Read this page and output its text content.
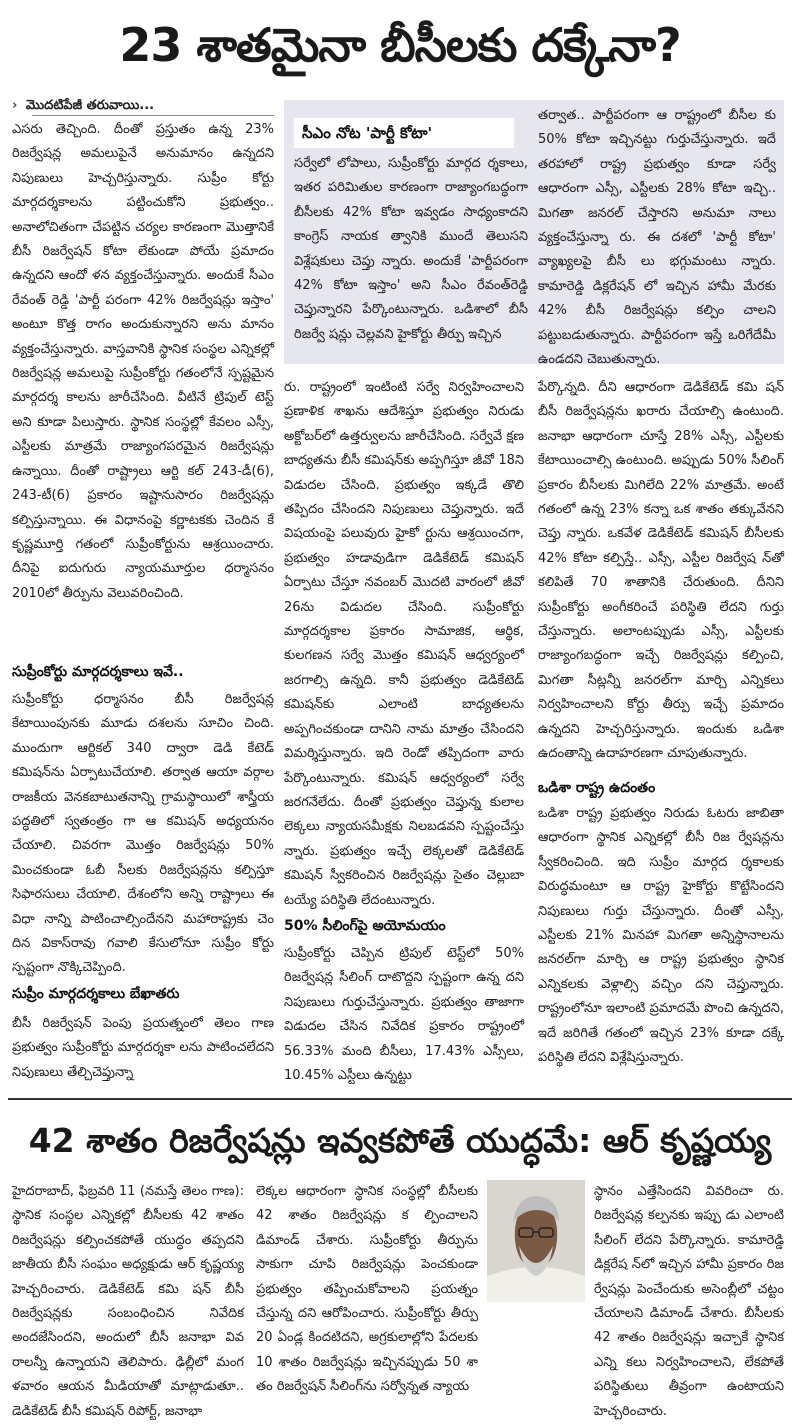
23 శాతమైనా బీసీలకు దక్కేనా?
› మొదటిపేజీ తరువాయి...
ఎసరు తెచ్చింది. దీంతో ప్రస్తుతం ఉన్న 23% రిజర్వేషన్ల అమలుపైనే అనుమానం ఉన్నదని నిపుణులు హెచ్చరిస్తున్నారు. సుప్రీం కోర్టు మార్గదర్శకాలను పట్టించుకోని ప్రభుత్వం.. అనాలోచితంగా చేపట్టిన చర్యల కారణంగా మొత్తానికే బీసీ రిజర్వేషన్ కోటా లేకుండా పోయే ప్రమాదం ఉన్నదని ఆందో ళన వ్యక్తంచేస్తున్నారు. అందుకే సీఎం రేవంత్ రెడ్డి 'పార్టీ పరంగా 42% రిజర్వేషన్లు ఇస్తాం' అంటూ కొత్త రాగం అందుకున్నారని అను మానం వ్యక్తంచేస్తున్నారు. వాస్తవానికి స్థానిక సంస్థల ఎన్నికల్లో రిజర్వేషన్ల అమలుపై సుప్రీంకోర్టు గతంలోనే స్పష్టమైన మార్గదర్శ కాలను జారీచేసింది. వీటినే ట్రిపుల్ టెస్ట్ అని కూడా పిలుస్తారు. స్థానిక సంస్థల్లో కేవలం ఎస్సీ, ఎస్టీలకు మాత్రమే రాజ్యాంగపరమైన రిజర్వేషన్లు ఉన్నాయి. దీంతో రాష్ట్రాలు ఆర్టి కల్ 243-డీ(6), 243-టీ(6) ప్రకారం ఇష్టానుసారం రిజర్వేషన్లు కల్పిస్తున్నాయి. ఈ విధానంపై కర్ణాటకకు చెందిన కే కృష్ణమూర్తి గతంలో సుప్రీంకోర్టును ఆశ్రయించారు. దీనిపై ఐదుగురు న్యాయమూర్తుల ధర్మాసనం 2010లో తీర్పును వెలువరించింది.
సుప్రీంకోర్టు మార్గదర్శకాలు ఇవే..
సుప్రీంకోర్టు ధర్మాసనం బీసీ రిజర్వేషన్ల కేటాయింపునకు మూడు దశలను సూచిం చింది. ముందుగా ఆర్టికల్ 340 ద్వారా డెడి కేటెడ్ కమిషన్‌ను ఏర్పాటుచేయాలి. తర్వాత ఆయా వర్గాల రాజకీయ వెనకబాటుతనాన్ని గ్రామస్థాయిలో శాస్త్రీయ పద్ధతిలో స్వతంత్రం గా ఆ కమిషన్ అధ్యయనం చేయాలి. చివరగా మొత్తం రిజర్వేషన్లు 50% మించకుండా ఓబీ సీలకు రిజర్వేషన్లను కల్పిస్తూ సిఫారసులు చేయాలి. దేశంలోని అన్ని రాష్ట్రాలు ఈ విధా నాన్ని పాటించాల్సిందేనని మహారాష్ట్రకు చెం దిన వికాస్‌రావు గవాలి కేసులోనూ సుప్రీం కోర్టు స్పష్టంగా నొక్కిచెప్పింది.
సుప్రీం మార్గదర్శకాలు బేఖాతరు
బీసీ రిజర్వేషన్ పెంపు ప్రయత్నంలో తెలం గాణ ప్రభుత్వం సుప్రీంకోర్టు మార్గదర్శకా లను పాటించలేదని నిపుణులు తేల్చిచెప్తున్నా
సీఎం నోట 'పార్టీ కోటా'
సర్వేలో లోపాలు, సుప్రీంకోర్టు మార్గద ర్శకాలు, ఇతర పరిమితుల కారణంగా రాజ్యాంగబద్ధంగా బీసీలకు 42% కోటా ఇవ్వడం సాధ్యంకాదని కాంగ్రెస్ నాయక త్వానికి ముందే తెలుసని విశ్లేషకులు చెప్తు న్నారు. అందుకే 'పార్టీపరంగా 42% కోటా ఇస్తాం' అని సీఎం రేవంత్‌రెడ్డి చెప్తున్నారని పేర్కొంటున్నారు. ఒడిశాలో బీసీ రిజర్వే షన్లు చెల్లవని హైకోర్టు తీర్పు ఇచ్చిన
తర్వాత.. పార్టీపరంగా ఆ రాష్ట్రంలో బీసీల కు 50% కోటా ఇచ్చినట్టు గుర్తుచేస్తున్నారు. ఇదే తరహాలో రాష్ట్ర ప్రభుత్వం కూడా సర్వే ఆధారంగా ఎస్సీ, ఎస్టీలకు 28% కోటా ఇచ్చి.. మిగతా జనరల్ చేస్తారని అనుమా నాలు వ్యక్తంచేస్తున్నా రు. ఈ దశలో 'పార్టీ కోటా' వ్యాఖ్యలపై బీసీ లు భగ్గుమంటు న్నారు. కామారెడ్డి డిక్లరేషన్‌ లో ఇచ్చిన హామీ మేరకు 42% బీసీ రిజర్వేషన్లు కల్పిం చాలని పట్టుబడుతున్నారు. పార్టీపరంగా ఇస్తే ఒరిగేదేమీ ఉండదని చెబుతున్నారు.
రు. రాష్ట్రంలో ఇంటింటి సర్వే నిర్వహించాలని ప్రణాళిక శాఖను ఆదేశిస్తూ ప్రభుత్వం నిరుడు అక్టోబర్‌లో ఉత్తర్వులను జారీచేసింది. సర్వేవే క్షణ బాధ్యతను బీసీ కమిషన్‌కు అప్పగిస్తూ జీవో 18ని విడుదల చేసింది. ప్రభుత్వం ఇక్కడే తొలి తప్పిదం చేసిందని నిపుణులు చెప్తున్నారు. ఇదే విషయంపై పలువురు హైకో ర్టును ఆశ్రయించగా, ప్రభుత్వం హడావుడిగా డెడికేటెడ్ కమిషన్ ఏర్పాటు చేస్తూ నవంబర్ మొదటి వారంలో జీవో 26ను విడుదల చేసింది. సుప్రీంకోర్టు మార్గదర్శకాల ప్రకారం సామాజిక, ఆర్థిక, కులగణన సర్వే మొత్తం కమిషన్ ఆధ్వర్యంలో జరగాల్సి ఉన్నది. కానీ ప్రభుత్వం డెడికేటెడ్ కమిషన్‌కు ఎలాంటి బాధ్యతలను అప్పగించకుండా దానిని నామ మాత్రం చేసిందని విమర్శిస్తున్నారు. ఇది రెండో తప్పిదంగా వారు పేర్కొంటున్నారు. కమిషన్ ఆధ్వర్యంలో సర్వే జరగనేలేదు. దీంతో ప్రభుత్వం చెప్తున్న కులాల లెక్కలు న్యాయసమీక్షకు నిలబడవని స్పష్టంచేస్తు న్నారు. ప్రభుత్వం ఇచ్చే లెక్కలతో డెడికేటెడ్ కమిషన్ స్వీకరించిన రిజర్వేషన్లు సైతం చెల్లుబా టయ్యే పరిస్థితి లేదంటున్నారు.
50% సీలింగ్‌పై అయోమయం
సుప్రీంకోర్టు చెప్పిన ట్రిపుల్ టెస్ట్‌లో 50% రిజర్వేషన్ల సీలింగ్ దాటొద్దని స్పష్టంగా ఉన్న దని నిపుణులు గుర్తుచేస్తున్నారు. ప్రభుత్వం తాజాగా విడుదల చేసిన నివేదిక ప్రకారం రాష్ట్రంలో 56.33% మంది బీసీలు, 17.43% ఎస్సీలు, 10.45% ఎస్టీలు ఉన్నట్టు
పేర్కొన్నది. దీని ఆధారంగా డెడికేటెడ్ కమి షన్ బీసీ రిజర్వేషన్లను ఖరారు చేయాల్సి ఉంటుంది. జనాభా ఆధారంగా చూస్తే 28% ఎస్సీ, ఎస్టీలకు కేటాయించాల్సి ఉంటుంది. అప్పుడు 50% సీలింగ్ ప్రకారం బీసీలకు మిగిలేది 22% మాత్రమే. అంటే గతంలో ఉన్న 23% కన్నా ఒక శాతం తక్కువేనని చెప్తు న్నారు. ఒకవేళ డెడికేటెడ్ కమిషన్ బీసీలకు 42% కోటా కల్పిస్తే.. ఎస్సీ, ఎస్టీల రిజర్వేష న్‌తో కలిపితే 70 శాతానికి చేరుతుంది. దీనిని సుప్రీంకోర్టు అంగీకరించే పరిస్థితి లేదని గుర్తు చేస్తున్నారు. అలాంటప్పుడు ఎస్సీ, ఎస్టీలకు రాజ్యాంగబద్ధంగా ఇచ్చే రిజర్వేషన్లు కల్పించి, మిగతా సీట్లన్నీ జనరల్‌గా మార్చి ఎన్నికలు నిర్వహించాలని కోర్టు తీర్పు ఇచ్చే ప్రమాదం ఉన్నదని హెచ్చరిస్తున్నారు. ఇందుకు ఒడిశా ఉదంతాన్ని ఉదాహరణగా చూపుతున్నారు.
ఒడిశా రాష్ట్ర ఉదంతం
ఒడిశా రాష్ట్ర ప్రభుత్వం నిరుడు ఓటరు జాబితా ఆధారంగా స్థానిక ఎన్నికల్లో బీసీ రిజ ర్వేషన్లను స్వీకరించింది. ఇది సుప్రీం మార్గద ర్శకాలకు విరుద్ధమంటూ ఆ రాష్ట్ర హైకోర్టు కొట్టేసిందని నిపుణులు గుర్తు చేస్తున్నారు. దీంతో ఎస్సీ, ఎస్టీలకు 21% మినహా మిగతా అన్నిస్థానాలను జనరల్‌గా మార్చి ఆ రాష్ట్ర ప్రభుత్వం స్థానిక ఎన్నికలకు వెళ్లాల్సి వచ్చిం దని చెప్తున్నారు. రాష్ట్రంలోనూ ఇలాంటి ప్రమాదమే పొంచి ఉన్నదని, ఇదే జరిగితే గతంలో ఇచ్చిన 23% కూడా దక్కే పరిస్థితి లేదని విశ్లేషిస్తున్నారు.
42 శాతం రిజర్వేషన్లు ఇవ్వకపోతే యుద్ధమే: ఆర్ కృష్ణయ్య
హైదరాబాద్, ఫిబ్రవరి 11 (నమస్తే తెలం గాణ): స్థానిక సంస్థల ఎన్నికల్లో బీసీలకు 42 శాతం రిజర్వేషన్లు కల్పించకపోతే యుద్ధం తప్పదని జాతీయ బీసీ సంఘం అధ్యక్షుడు ఆర్ కృష్ణయ్య హెచ్చరించారు. డెడికేటెడ్ కమి షన్ బీసీ రిజర్వేషన్లకు సంబంధించిన నివేదిక అందజేసిందని, అందులో బీసీ జనాభా వివ రాలన్నీ ఉన్నాయని తెలిపారు. ఢిల్లీలో మంగ ళవారం ఆయన మీడియాతో మాట్లాడుతూ.. డెడికేటెడ్ బీసీ కమిషన్ రిపోర్ట్, జనాభా
లెక్కల ఆధారంగా స్థానిక సంస్థల్లో బీసీలకు 42 శాతం రిజర్వేషన్లు క ల్పించాలని డిమాండ్ చేశారు. సుప్రీంకోర్టు తీర్పును సాకుగా చూపి రిజర్వేషన్లు పెంచకుండా ప్రభుత్వం తప్పించుకోవాలని ప్రయత్నం చేస్తున్న దని ఆరోపించారు. సుప్రీంకోర్టు తీర్పు 20 ఏండ్ల కిందటిదని, అగ్రకులాల్లోని పేదలకు 10 శాతం రిజర్వేషన్లు ఇచ్చినప్పుడు 50 శా తం రిజర్వేషన్ సీలింగ్‌ను సర్వోన్నత న్యాయ
స్థానం ఎత్తేసిందని వివరించా రు. రిజర్వేషన్ల కల్పనకు ఇప్పు డు ఎలాంటి సీలింగ్ లేదని పేర్కొన్నారు. కామారెడ్డి డిక్లరేష న్‌లో ఇచ్చిన హామీ ప్రకారం రిజ ర్వేషన్లు పెంచేందుకు అసెంబ్లీలో చట్టం చేయాలని డిమాండ్ చేశారు. బీసీలకు 42 శాతం రిజర్వేషన్లు ఇచ్చాకే స్థానిక ఎన్ని కలు నిర్వహించాలని, లేకపోతే పరిస్థితులు తీవ్రంగా ఉంటాయని హెచ్చరించారు.
